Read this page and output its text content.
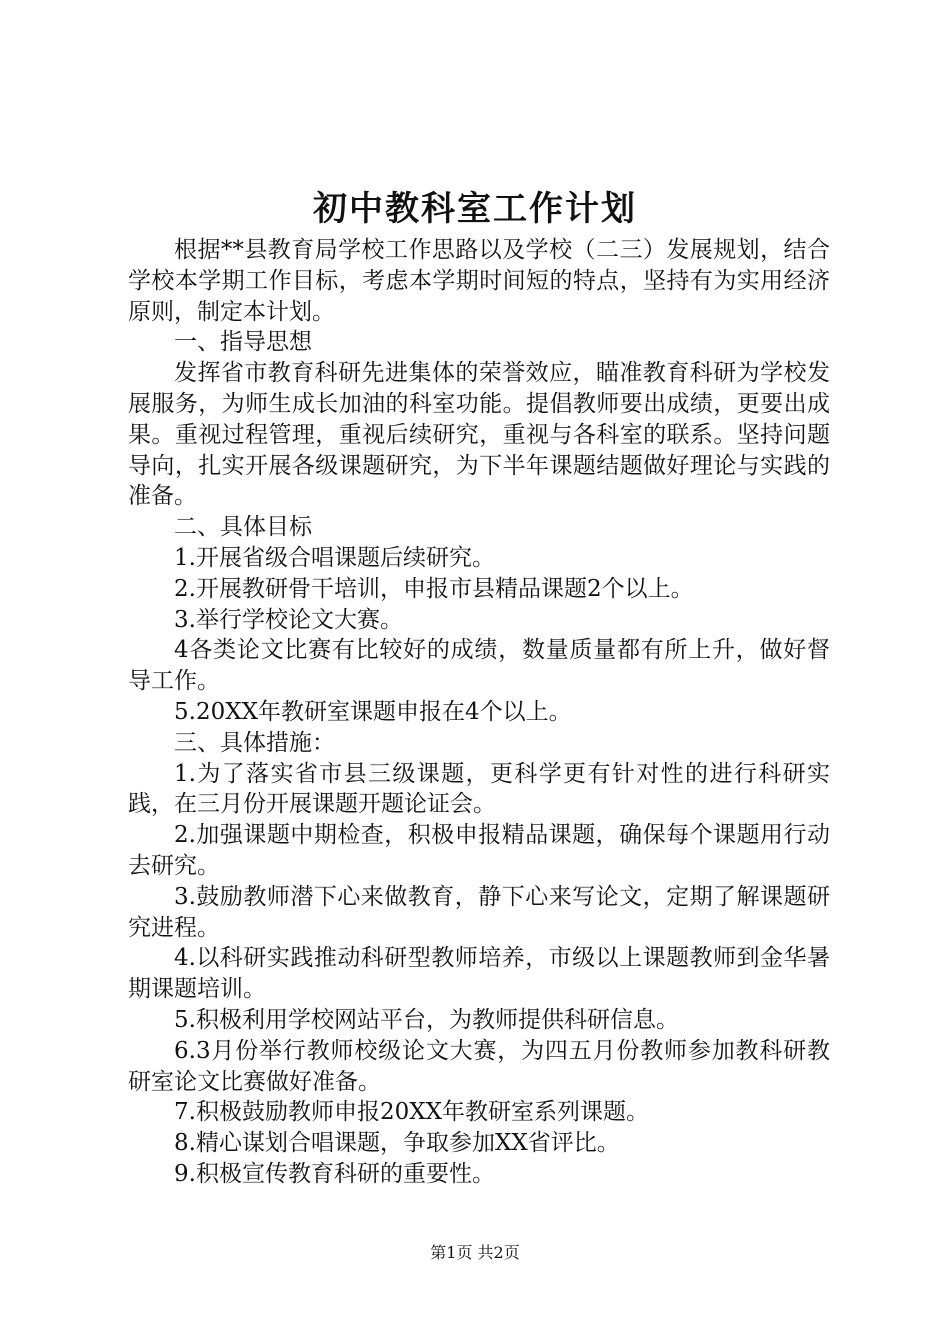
初中教科室工作计划

根据**县教育局学校工作思路以及学校（二三）发展规划，结合学校本学期工作目标，考虑本学期时间短的特点，坚持有为实用经济原则，制定本计划。

一、指导思想

发挥省市教育科研先进集体的荣誉效应，瞄准教育科研为学校发展服务，为师生成长加油的科室功能。提倡教师要出成绩，更要出成果。重视过程管理，重视后续研究，重视与各科室的联系。坚持问题导向，扎实开展各级课题研究，为下半年课题结题做好理论与实践的准备。

二、具体目标

1.开展省级合唱课题后续研究。

2.开展教研骨干培训，申报市县精品课题2个以上。

3.举行学校论文大赛。

4各类论文比赛有比较好的成绩，数量质量都有所上升，做好督导工作。

5.20XX年教研室课题申报在4个以上。

三、具体措施：

1.为了落实省市县三级课题，更科学更有针对性的进行科研实践，在三月份开展课题开题论证会。

2.加强课题中期检查，积极申报精品课题，确保每个课题用行动去研究。

3.鼓励教师潜下心来做教育，静下心来写论文，定期了解课题研究进程。

4.以科研实践推动科研型教师培养，市级以上课题教师到金华暑期课题培训。

5.积极利用学校网站平台，为教师提供科研信息。

6.3月份举行教师校级论文大赛，为四五月份教师参加教科研教研室论文比赛做好准备。

7.积极鼓励教师申报20XX年教研室系列课题。

8.精心谋划合唱课题，争取参加XX省评比。

9.积极宣传教育科研的重要性。

第1页 共2页
